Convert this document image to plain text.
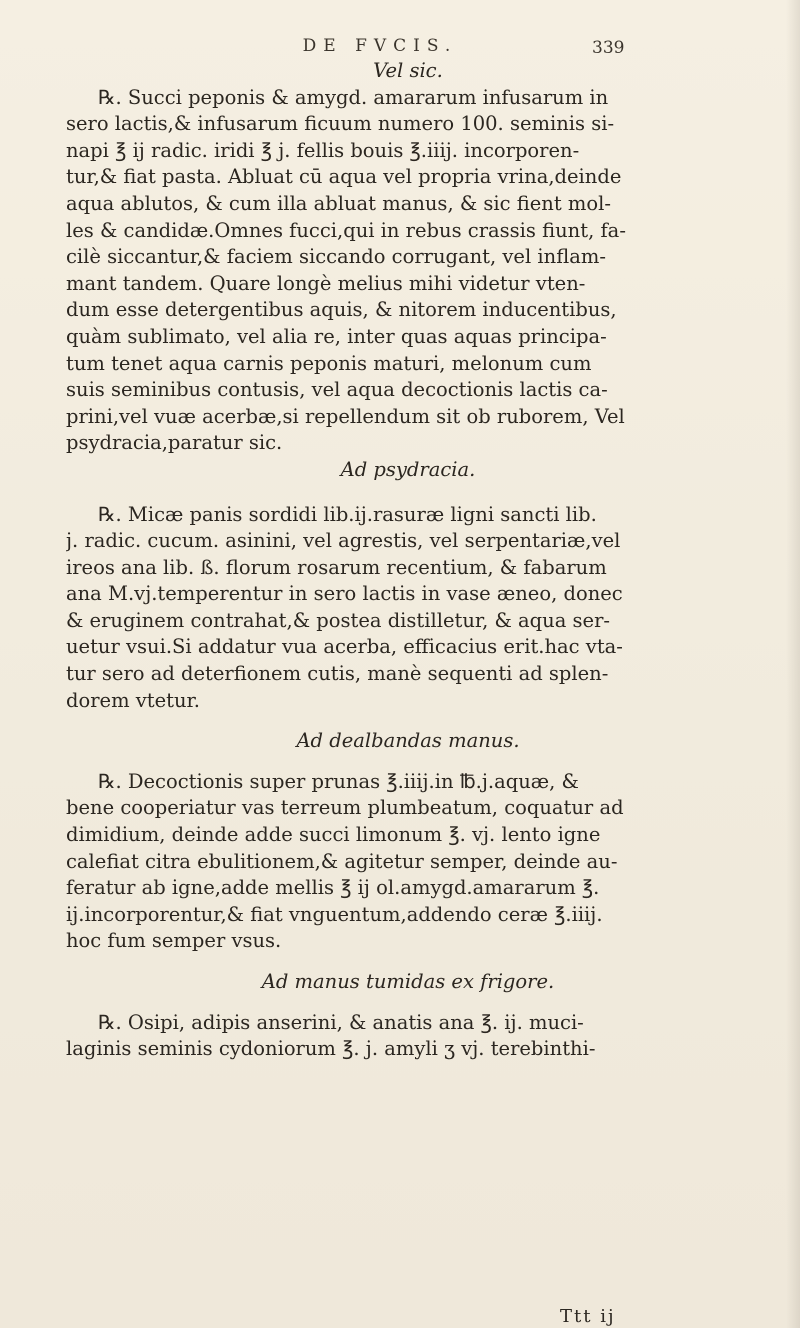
DE FVCIS.	339
Vel sic.
℞. Succi peponis & amygd. amararum infusarum in
sero lactis,& infusarum ficuum numero 100. seminis si-
napi ℥ ij radic. iridi ℥ j. fellis bouis ℥.iiij. incorporen-
tur,& fiat pasta. Abluat cū aqua vel propria vrina,deinde
aqua ablutos, & cum illa abluat manus, & sic fient mol-
les & candidæ.Omnes fucci,qui in rebus crassis fiunt, fa-
cilè siccantur,& faciem siccando corrugant, vel inflam-
mant tandem. Quare longè melius mihi videtur vten-
dum esse detergentibus aquis, & nitorem inducentibus,
quàm sublimato, vel alia re, inter quas aquas principa-
tum tenet aqua carnis peponis maturi, melonum cum
suis seminibus contusis, vel aqua decoctionis lactis ca-
prini,vel vuæ acerbæ,si repellendum sit ob ruborem, Vel
psydracia,paratur sic.
Ad psydracia.
℞. Micæ panis sordidi lib.ij.rasuræ ligni sancti lib.
j. radic. cucum. asinini, vel agrestis, vel serpentariæ,vel
ireos ana lib. ß. florum rosarum recentium, & fabarum
ana M.vj.temperentur in sero lactis in vase æneo, donec
& eruginem contrahat,& postea distilletur, & aqua ser-
uetur vsui.Si addatur vua acerba, efficacius erit.hac vta-
tur sero ad deterfionem cutis, manè sequenti ad splen-
dorem vtetur.
Ad dealbandas manus.
℞. Decoctionis super prunas ℥.iiij.in ℔.j.aquæ, &
bene cooperiatur vas terreum plumbeatum, coquatur ad
dimidium, deinde adde succi limonum ℥. vj. lento igne
calefiat citra ebulitionem,& agitetur semper, deinde au-
feratur ab igne,adde mellis ℥ ij ol.amygd.amararum ℥.
ij.incorporentur,& fiat vnguentum,addendo ceræ ℥.iiij.
hoc fum semper vsus.
Ad manus tumidas ex frigore.
℞. Osipi, adipis anserini, & anatis ana ℥. ij. muci-
laginis seminis cydoniorum ℥. j. amyli ʒ vj. terebinthi-
Ttt ij
